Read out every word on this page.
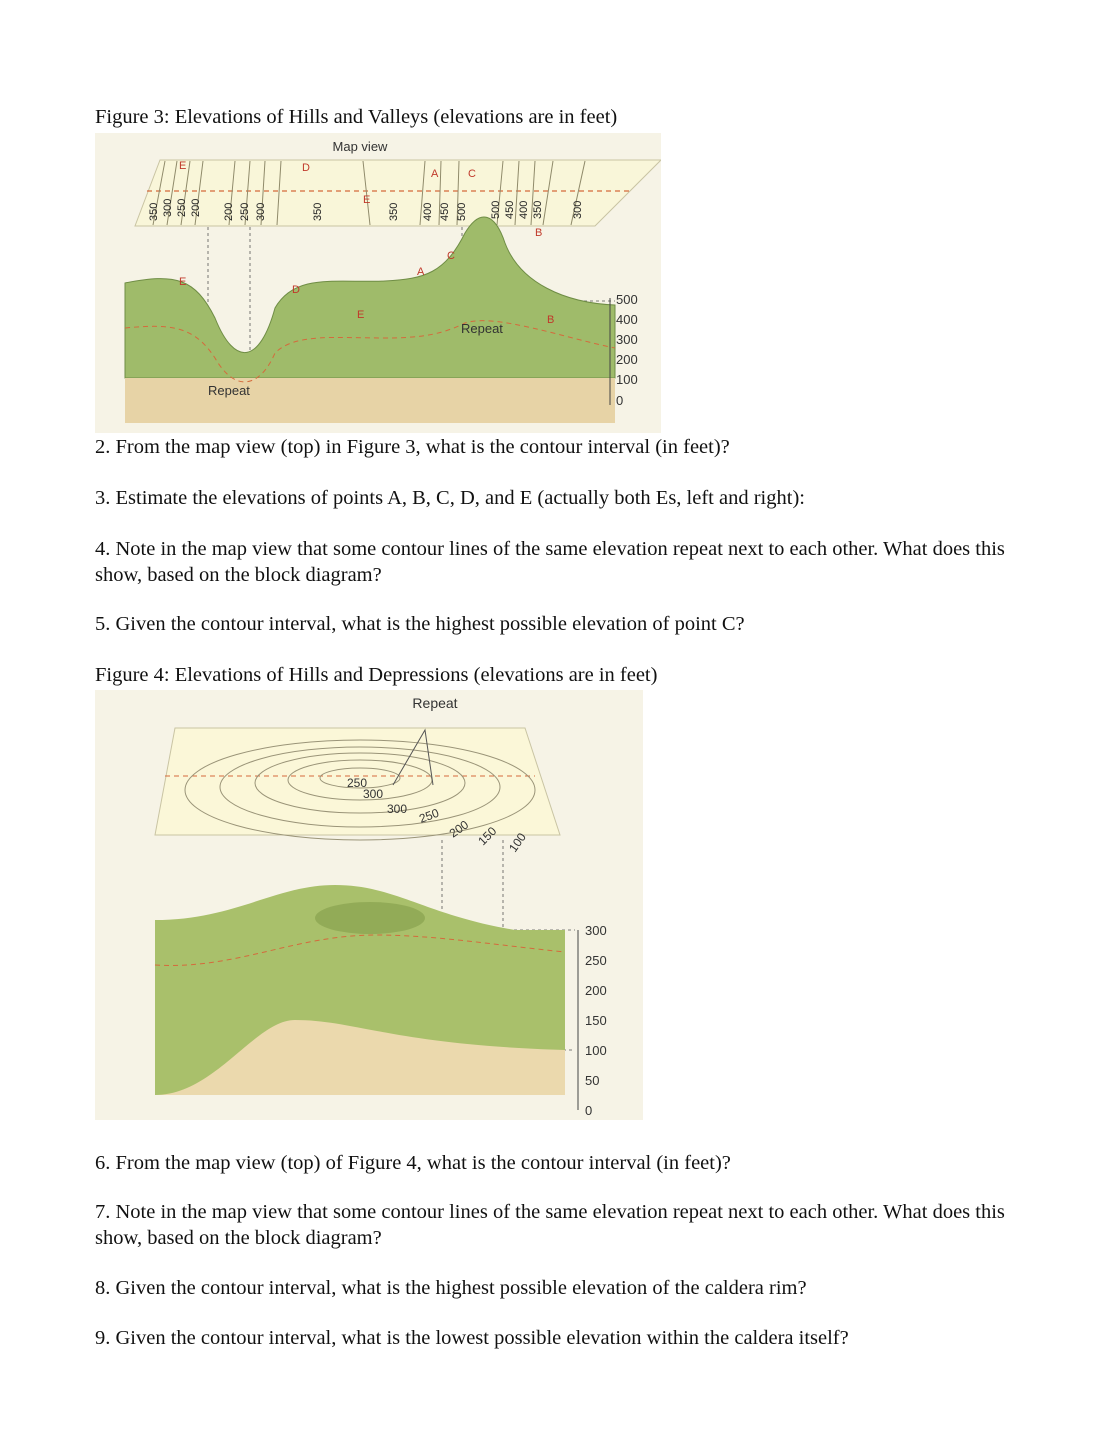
Figure 3: Elevations of Hills and Valleys (elevations are in feet)

350 300 250 200 200 250 300	350	350 400 450 500 500 450 400 350	300
Map view
E	D
E
A	C
B
Repeat
Repeat
E
D
E
A
C
B
500
400
300
200
100
0

2. From the map view (top) in Figure 3, what is the contour interval (in feet)?

3. Estimate the elevations of points A, B, C, D, and E (actually both Es, left and right):

4. Note in the map view that some contour lines of the same elevation repeat next to each other. What does this show, based on the block diagram?

5. Given the contour interval, what is the highest possible elevation of point C?

Figure 4: Elevations of Hills and Depressions (elevations are in feet)

Repeat
250
300
300 250
200 150 100
300
250
200
150
100
50
0

6. From the map view (top) of Figure 4, what is the contour interval (in feet)?

7. Note in the map view that some contour lines of the same elevation repeat next to each other. What does this show, based on the block diagram?

8. Given the contour interval, what is the highest possible elevation of the caldera rim?

9. Given the contour interval, what is the lowest possible elevation within the caldera itself?
